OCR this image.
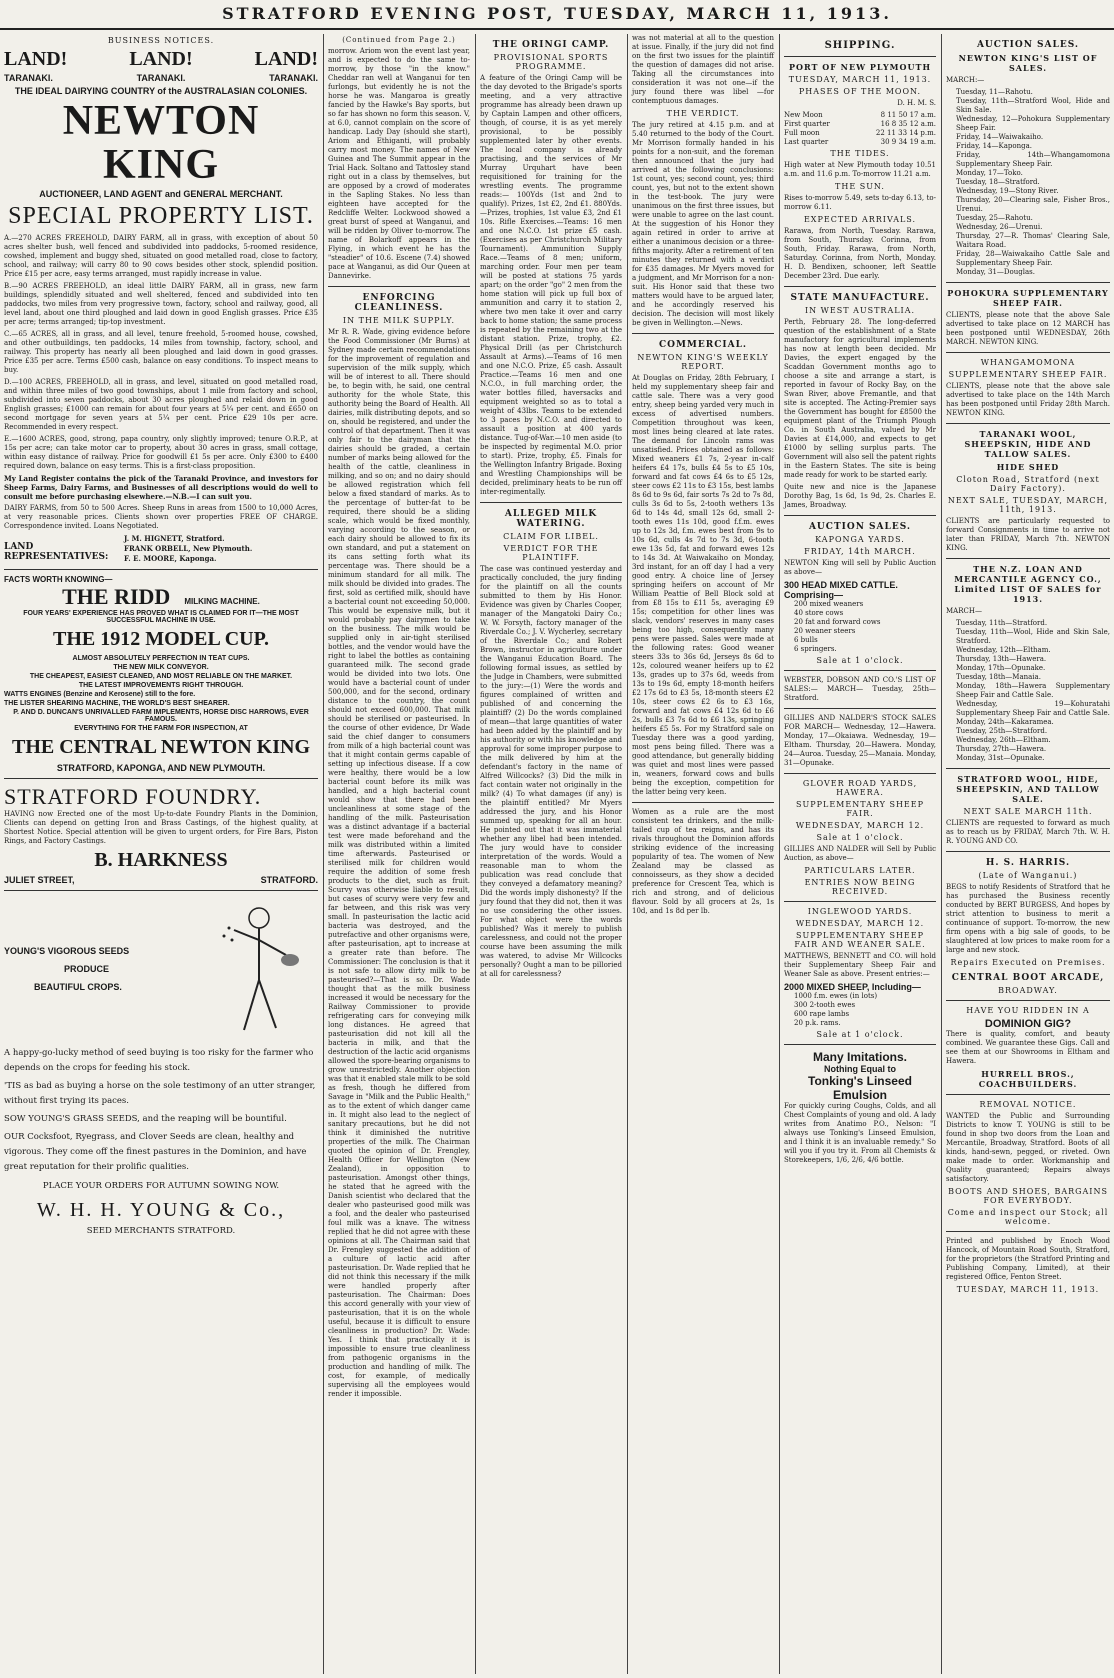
STRATFORD EVENING POST, TUESDAY, MARCH 11, 1913.
BUSINESS NOTICES.
LAND!	LAND!	LAND!
TARANAKI.	TARANAKI.	TARANAKI.
THE IDEAL DAIRYING COUNTRY of the AUSTRALASIAN COLONIES.
NEWTON KING
AUCTIONEER, LAND AGENT and GENERAL MERCHANT.
SPECIAL PROPERTY LIST.

A.—270 ACRES FREEHOLD, DAIRY FARM, all in grass, with exception of about 50 acres shelter bush, well fenced and subdivided into paddocks, 5-roomed residence, cowshed, implement and buggy shed, situated on good metalled road, close to factory, school, and railway; will carry 80 to 90 cows besides other stock, splendid position. Price £15 per acre, easy terms arranged, must rapidly increase in value.

B.—90 ACRES FREEHOLD, an ideal little DAIRY FARM, all in grass, new farm buildings, splendidly situated and well sheltered, fenced and subdivided into ten paddocks, two miles from very progressive town, factory, school and railway, good, all level land, about one third ploughed and laid down in good English grasses. Price £35 per acre; terms arranged; tip-top investment.

C.—65 ACRES, all in grass, and all level, tenure freehold, 5-roomed house, cowshed, and other outbuildings, ten paddocks, 14 miles from township, factory, school, and railway. This property has nearly all been ploughed and laid down in good grasses. Price £35 per acre. Terms £500 cash, balance on easy conditions. To inspect means to buy.

D.—100 ACRES, FREEHOLD, all in grass, and level, situated on good metalled road, and within three miles of two good townships, about 1 mile from factory and school, subdivided into seven paddocks, about 30 acres ploughed and relaid down in good English grasses; £1000 can remain for about four years at 5¼ per cent. and £650 on second mortgage for seven years at 5¼ per cent. Price £29 10s per acre. Recommended in every respect.

E.—1600 ACRES, good, strong, papa country, only slightly improved; tenure O.R.P., at 15s per acre; can take motor car to property, about 30 acres in grass, small cottage, within easy distance of railway. Price for goodwill £1 5s per acre. Only £300 to £400 required down, balance on easy terms. This is a first-class proposition.

My Land Register contains the pick of the Taranaki Province, and investors for Sheep Farms, Dairy Farms, and Businesses of all descriptions would do well to consult me before purchasing elsewhere.—N.B.—I can suit you.

DAIRY FARMS, from 50 to 500 Acres. Sheep Runs in areas from 1500 to 10,000 Acres, at very reasonable prices. Clients shown over properties FREE OF CHARGE. Correspondence invited. Loans Negotiated.

LAND REPRESENTATIVES:
J. M. HIGNETT, Stratford.
FRANK ORBELL, New Plymouth.
F. E. MOORE, Kaponga.
FACTS WORTH KNOWING—
THE RIDD MILKING MACHINE.
FOUR YEARS' EXPERIENCE HAS PROVED WHAT IS CLAIMED FOR IT—THE MOST SUCCESSFUL MACHINE IN USE.
THE 1912 MODEL CUP.
ALMOST ABSOLUTELY PERFECTION IN TEAT CUPS.
THE NEW MILK CONVEYOR.
THE CHEAPEST, EASIEST CLEANED, AND MOST RELIABLE ON THE MARKET.
THE LATEST IMPROVEMENTS RIGHT THROUGH.
WATTS ENGINES (Benzine and Kerosene) still to the fore.
THE LISTER SHEARING MACHINE, THE WORLD'S BEST SHEARER.
P. AND D. DUNCAN'S UNRIVALLED FARM IMPLEMENTS, HORSE DISC HARROWS, EVER FAMOUS.
EVERYTHING FOR THE FARM FOR INSPECTION, AT
THE CENTRAL NEWTON KING
STRATFORD, KAPONGA, AND NEW PLYMOUTH.
STRATFORD FOUNDRY.

HAVING now Erected one of the most Up-to-date Foundry Plants in the Dominion, Clients can depend on getting Iron and Brass Castings, of the highest quality, at Shortest Notice. Special attention will be given to urgent orders, for Fire Bars, Piston Rings, and Factory Castings.

B. HARKNESS
JULIET STREET,	STRATFORD.
YOUNG'S VIGOROUS SEEDS
PRODUCE
BEAUTIFUL CROPS.

A happy-go-lucky method of seed buying is too risky for the farmer who depends on the crops for feeding his stock.

'TIS as bad as buying a horse on the sole testimony of an utter stranger, without first trying its paces.

SOW YOUNG'S GRASS SEEDS, and the reaping will be bountiful.

OUR Cocksfoot, Ryegrass, and Clover Seeds are clean, healthy and vigorous. They come off the finest pastures in the Dominion, and have great reputation for their prolific qualities.

PLACE YOUR ORDERS FOR AUTUMN SOWING NOW.
W. H. H. YOUNG & Co.,
SEED MERCHANTS STRATFORD.
(Continued from Page 2.)

morrow. Ariom won the event last year, and is expected to do the same to-morrow, by those "in the know." Cheddar ran well at Wanganui for ten furlongs, but evidently he is not the horse he was. Mangaroa is greatly fancied by the Hawke's Bay sports, but so far has shown no form this season. V, at 6.0, cannot complain on the score of handicap. Lady Day (should she start), Ariom and Ethiganti, will probably carry most money. The names of New Guinea and The Summit appear in the Trial Hack. Soltano and Tattosley stand right out in a class by themselves, but are opposed by a crowd of moderates in the Sapling Stakes. No less than eighteen have accepted for the Redcliffe Welter. Lockwood showed a great burst of speed at Wanganui, and will be ridden by Oliver to-morrow. The name of Bolarkoff appears in the Flying, in which event he has the "steadier" of 10.6. Escene (7.4) showed pace at Wanganui, as did Our Queen at Dannevirke.

ENFORCING CLEANLINESS.
IN THE MILK SUPPLY.

Mr R. R. Wade, giving evidence before the Food Commissioner (Mr Burns) at Sydney made certain recommendations for the improvement of regulation and supervision of the milk supply, which will be of interest to all. There should be, to begin with, he said, one central authority for the whole State, this authority being the Board of Health. All dairies, milk distributing depots, and so on, should be registered, and under the control of that department. Then it was only fair to the dairyman that the dairies should be graded, a certain number of marks being allowed for the health of the cattle, cleanliness in milking, and so on; and no dairy should be allowed registration which fell below a fixed standard of marks. As to the percentage of butter-fat to be required, there should be a sliding scale, which would be fixed monthly, varying according to the season, or each dairy should be allowed to fix its own standard, and put a statement on its cans setting forth what its percentage was. There should be a minimum standard for all milk. The milk should be divided into grades. The first, sold as certified milk, should have a bacterial count not exceeding 50,000. This would be expensive milk, but it would probably pay dairymen to take on the business. The milk would be supplied only in air-tight sterilised bottles, and the vendor would have the right to label the bottles as containing guaranteed milk. The second grade would be divided into two lots. One would have a bacterial count of under 500,000, and for the second, ordinary distance to the country, the count should not exceed 600,000. That milk should be sterilised or pasteurised. In the course of other evidence, Dr Wade said the chief danger to consumers from milk of a high bacterial count was that it might contain germs capable of setting up infectious disease. If a cow were healthy, there would be a low bacterial count before its milk was handled, and a high bacterial count would show that there had been uncleanliness at some stage of the handling of the milk. Pasteurisation was a distinct advantage if a bacterial test were made beforehand and the milk was distributed within a limited time afterwards. Pasteurised or sterilised milk for children would require the addition of some fresh products to the diet, such as fruit. Scurvy was otherwise liable to result, but cases of scurvy were very few and far between, and this risk was very small. In pasteurisation the lactic acid bacteria was destroyed, and the putrefactive and other organisms were, after pasteurisation, apt to increase at a greater rate than before. The Commissioner: The conclusion is that it is not safe to allow dirty milk to be pasteurised?—That is so. Dr. Wade thought that as the milk business increased it would be necessary for the Railway Commissioner to provide refrigerating cars for conveying milk long distances. He agreed that pasteurisation did not kill all the bacteria in milk, and that the destruction of the lactic acid organisms allowed the spore-bearing organisms to grow unrestrictedly. Another objection was that it enabled stale milk to be sold as fresh, though he differed from Savage in "Milk and the Public Health," as to the extent of which danger came in. It might also lead to the neglect of sanitary precautions, but he did not think it diminished the nutritive properties of the milk. The Chairman quoted the opinion of Dr. Frengley, Health Officer for Wellington (New Zealand), in opposition to pasteurisation. Amongst other things, he stated that he agreed with the Danish scientist who declared that the dealer who pasteurised good milk was a fool, and the dealer who pasteurised foul milk was a knave. The witness replied that he did not agree with these opinions at all. The Chairman said that Dr. Frengley suggested the addition of a culture of lactic acid after pasteurisation. Dr. Wade replied that he did not think this necessary if the milk were handled properly after pasteurisation. The Chairman: Does this accord generally with your view of pasteurisation, that it is on the whole useful, because it is difficult to ensure cleanliness in production? Dr. Wade: Yes. I think that practically it is impossible to ensure true cleanliness from pathogenic organisms in the production and handling of milk. The cost, for example, of medically supervising all the employees would render it impossible.

THE ORINGI CAMP.
PROVISIONAL SPORTS PROGRAMME.

A feature of the Oringi Camp will be the day devoted to the Brigade's sports meeting, and a very attractive programme has already been drawn up by Captain Lampen and other officers, though, of course, it is as yet merely provisional, to be possibly supplemented later by other events. The local company is already practising, and the services of Mr Murray Urquhart have been requisitioned for training for the wrestling events. The programme reads:— 100Yds (1st and 2nd to qualify). Prizes, 1st £2, 2nd £1. 880Yds.—Prizes, trophies, 1st value £3, 2nd £1 10s. Rifle Exercises.—Teams: 16 men and one N.C.O. 1st prize £5 cash. (Exercises as per Christchurch Military Tournament). Ammunition Supply Race.—Teams of 8 men; uniform, marching order. Four men per team will be posted at stations 75 yards apart; on the order "go" 2 men from the home station will pick up full box of ammunition and carry it to station 2, where two men take it over and carry back to home station; the same process is repeated by the remaining two at the distant station. Prize, trophy, £2. Physical Drill (as per Christchurch Assault at Arms).—Teams of 16 men and one N.C.O. Prize, £5 cash. Assault Practice.—Teams 16 men and one N.C.O., in full marching order, the water bottles filled, haversacks and equipment weighted so as to total a weight of 43lbs. Teams to be extended to 3 paces by N.C.O. and directed to assault a position at 400 yards distance. Tug-of-War.—10 men aside (to be inspected by regimental M.O. prior to start). Prize, trophy, £5. Finals for the Wellington Infantry Brigade. Boxing and Wrestling Championships will be decided, preliminary heats to be run off inter-regimentally.

ALLEGED MILK WATERING.
CLAIM FOR LIBEL.
VERDICT FOR THE PLAINTIFF.

The case was continued yesterday and practically concluded, the jury finding for the plaintiff on all the counts submitted to them by His Honor. Evidence was given by Charles Cooper, manager of the Mangatoki Dairy Co.; W. W. Forsyth, factory manager of the Riverdale Co.; J. V. Wycherley, secretary of the Riverdale Co.; and Robert Brown, instructor in agriculture under the Wanganui Education Board. The following formal issues, as settled by the Judge in Chambers, were submitted to the jury:—(1) Were the words and figures complained of written and published of and concerning the plaintiff? (2) Do the words complained of mean—that large quantities of water had been added by the plaintiff and by his authority or with his knowledge and approval for some improper purpose to the milk delivered by him at the defendant's factory in the name of Alfred Willcocks? (3) Did the milk in fact contain water not originally in the milk? (4) To what damages (if any) is the plaintiff entitled? Mr Myers addressed the jury, and his Honor summed up, speaking for all an hour. He pointed out that it was immaterial whether any libel had been intended. The jury would have to consider interpretation of the words. Would a reasonable man to whom the publication was read conclude that they conveyed a defamatory meaning? Did the words imply dishonesty? If the jury found that they did not, then it was no use considering the other issues. For what object were the words published? Was it merely to publish carelessness, and could not the proper course have been assuming the milk was watered, to advise Mr Willcocks personally? Ought a man to be pilloried at all for carelessness?

was not material at all to the question at issue. Finally, if the jury did not find on the first two issues for the plaintiff the question of damages did not arise. Taking all the circumstances into consideration it was not one—if the jury found there was libel —for contemptuous damages.

THE VERDICT.

The jury retired at 4.15 p.m. and at 5.40 returned to the body of the Court. Mr Morrison formally handed in his points for a non-suit, and the foreman then announced that the jury had arrived at the following conclusions: 1st count, yes; second count, yes; third count, yes, but not to the extent shown in the test-book. The jury were unanimous on the first three issues, but were unable to agree on the last count. At the suggestion of his Honor they again retired in order to arrive at either a unanimous decision or a three-fifths majority. After a retirement of ten minutes they returned with a verdict for £35 damages. Mr Myers moved for a judgment, and Mr Morrison for a non-suit. His Honor said that these two matters would have to be argued later, and he accordingly reserved his decision. The decision will most likely be given in Wellington.—News.

COMMERCIAL.
NEWTON KING'S WEEKLY REPORT.

At Douglas on Friday, 28th February, I held my supplementary sheep fair and cattle sale. There was a very good entry, sheep being yarded very much in excess of advertised numbers. Competition throughout was keen, most lines being cleared at late rates. The demand for Lincoln rams was unsatisfied. Prices obtained as follows: Mixed weaners £1 7s, 2-year in-calf heifers £4 17s, bulls £4 5s to £5 10s, forward and fat cows £4 6s to £5 12s, steer cows £2 11s to £3 15s, best lambs 8s 6d to 9s 6d, fair sorts 7s 2d to 7s 8d, culls 3s 6d to 5s, 2-tooth wethers 13s 6d to 14s 4d, small 12s 6d, small 2-tooth ewes 11s 10d, good f.f.m. ewes up to 12s 3d, f.m. ewes best from 9s to 10s 6d, culls 4s 7d to 7s 3d, 6-tooth ewe 13s 5d, fat and forward ewes 12s to 14s 3d. At Waiwakaiho on Monday, 3rd instant, for an off day I had a very good entry. A choice line of Jersey springing heifers on account of Mr William Peattie of Bell Block sold at from £8 15s to £11 5s, averaging £9 15s; competition for other lines was slack, vendors' reserves in many cases being too high, consequently many pens were passed. Sales were made at the following rates: Good weaner steers 33s to 36s 6d, Jerseys 8s 6d to 12s, coloured weaner heifers up to £2 13s, grades up to 37s 6d, weeds from 13s to 19s 6d, empty 18-month heifers £2 17s 6d to £3 5s, 18-month steers £2 10s, steer cows £2 6s to £3 16s, forward and fat cows £4 12s 6d to £6 2s, bulls £3 7s 6d to £6 13s, springing heifers £5 5s. For my Stratford sale on Tuesday there was a good yarding, most pens being filled. There was a good attendance, but generally bidding was quiet and most lines were passed in, weaners, forward cows and bulls being the exception, competition for the latter being very keen.

Women as a rule are the most consistent tea drinkers, and the milk-tailed cup of tea reigns, and has its rivals throughout the Dominion affords striking evidence of the increasing popularity of tea. The women of New Zealand may be classed as connoisseurs, as they show a decided preference for Crescent Tea, which is rich and strong, and of delicious flavour. Sold by all grocers at 2s, 1s 10d, and 1s 8d per lb.

SHIPPING.
PORT OF NEW PLYMOUTH
TUESDAY, MARCH 11, 1913.
PHASES OF THE MOON.
D. H. M. S.
New Moon	8 11 50 17 a.m.
First quarter	16 8 35 12 a.m.
Full moon	22 11 33 14 p.m.
Last quarter	30 9 34 19 a.m.
THE TIDES.

High water at New Plymouth today 10.51 a.m. and 11.6 p.m. To-morrow 11.21 a.m.

THE SUN.

Rises to-morrow 5.49, sets to-day 6.13, to-morrow 6.11.

EXPECTED ARRIVALS.

Rarawa, from North, Tuesday. Rarawa, from South, Thursday. Corinna, from South, Friday. Rarawa, from North, Saturday. Corinna, from North, Monday. H. D. Bendixen, schooner, left Seattle December 23rd. Due early.

STATE MANUFACTURE.
IN WEST AUSTRALIA.

Perth, February 28. The long-deferred question of the establishment of a State manufactory for agricultural implements has now at length been decided. Mr Davies, the expert engaged by the Scaddan Government months ago to choose a site and arrange a start, is reported in favour of Rocky Bay, on the Swan River, above Fremantle, and that site is accepted. The Acting-Premier says the Government has bought for £8500 the equipment plant of the Triumph Plough Co. in South Australia, valued by Mr Davies at £14,000, and expects to get £1000 by selling surplus parts. The Government will also sell the patent rights in the Eastern States. The site is being made ready for work to be started early.

Quite new and nice is the Japanese Dorothy Bag, 1s 6d, 1s 9d, 2s. Charles E. James, Broadway.

AUCTION SALES.
KAPONGA YARDS.
FRIDAY, 14th MARCH.

NEWTON King will sell by Public Auction as above—

300 HEAD MIXED CATTLE. Comprising—
200 mixed weaners
40 store cows
20 fat and forward cows
20 weaner steers
6 bulls
6 springers.
Sale at 1 o'clock.

WEBSTER, DOBSON AND CO.'S LIST OF SALES:— MARCH— Tuesday, 25th—Stratford.

GILLIES AND NALDER'S STOCK SALES FOR MARCH— Wednesday, 12—Hawera. Monday, 17—Okaiawa. Wednesday, 19—Eltham. Thursday, 20—Hawera. Monday, 24—Auroa. Tuesday, 25—Manaia. Monday, 31—Opunake.

GLOVER ROAD YARDS, HAWERA.
SUPPLEMENTARY SHEEP FAIR.
WEDNESDAY, MARCH 12.
Sale at 1 o'clock.

GILLIES AND NALDER will Sell by Public Auction, as above—

PARTICULARS LATER.
ENTRIES NOW BEING RECEIVED.
INGLEWOOD YARDS.
WEDNESDAY, MARCH 12.
SUPPLEMENTARY SHEEP FAIR AND WEANER SALE.

MATTHEWS, BENNETT and CO. will hold their Supplementary Sheep Fair and Weaner Sale as above. Present entries:—

2000 MIXED SHEEP, Including—
1000 f.m. ewes (in lots)
300 2-tooth ewes
600 rape lambs
20 p.k. rams.
Sale at 1 o'clock.
Many Imitations.
Nothing Equal to
Tonking's Linseed Emulsion

For quickly curing Coughs, Colds, and all Chest Complaints of young and old. A lady writes from Anatimo P.O., Nelson: "I always use Tonking's Linseed Emulsion, and I think it is an invaluable remedy." So will you if you try it. From all Chemists & Storekeepers, 1/6, 2/6, 4/6 bottle.

AUCTION SALES.
NEWTON KING'S LIST OF SALES.
MARCH:—
Tuesday, 11—Rahotu.
Tuesday, 11th—Stratford Wool, Hide and Skin Sale.
Wednesday, 12—Pohokura Supplementary Sheep Fair.
Friday, 14—Waiwakaiho.
Friday, 14—Kaponga.
Friday, 14th—Whangamomona Supplementary Sheep Fair.
Monday, 17—Toko.
Tuesday, 18—Stratford.
Wednesday, 19—Stony River.
Thursday, 20—Clearing sale, Fisher Bros., Urenui.
Tuesday, 25—Rahotu.
Wednesday, 26—Urenui.
Thursday, 27—R. Thomas' Clearing Sale, Waitara Road.
Friday, 28—Waiwakaiho Cattle Sale and Supplementary Sheep Fair.
Monday, 31—Douglas.
POHOKURA SUPPLEMENTARY SHEEP FAIR.

CLIENTS, please note that the above Sale advertised to take place on 12 MARCH has been postponed until WEDNESDAY, 26th MARCH. NEWTON KING.

WHANGAMOMONA
SUPPLEMENTARY SHEEP FAIR.

CLIENTS, please note that the above sale advertised to take place on the 14th March has been postponed until Friday 28th March. NEWTON KING.

TARANAKI WOOL, SHEEPSKIN, HIDE AND TALLOW SALES.
HIDE SHED
Cloton Road, Stratford (next Dairy Factory).
NEXT SALE, TUESDAY, MARCH, 11th, 1913.

CLIENTS are particularly requested to forward Consignments in time to arrive not later than FRIDAY, March 7th. NEWTON KING.

THE N.Z. LOAN AND MERCANTILE AGENCY CO., Limited LIST OF SALES for 1913.
MARCH—
Tuesday, 11th—Stratford.
Tuesday, 11th—Wool, Hide and Skin Sale, Stratford.
Wednesday, 12th—Eltham.
Thursday, 13th—Hawera.
Monday, 17th—Opunake.
Tuesday, 18th—Manaia.
Monday, 18th—Hawera Supplementary Sheep Fair and Cattle Sale.
Wednesday, 19—Kohuratahi Supplementary Sheep Fair and Cattle Sale.
Monday, 24th—Kakaramea.
Tuesday, 25th—Stratford.
Wednesday, 26th—Eltham.
Thursday, 27th—Hawera.
Monday, 31st—Opunake.
STRATFORD WOOL, HIDE, SHEEPSKIN, AND TALLOW SALE.
NEXT SALE MARCH 11th.

CLIENTS are requested to forward as much as to reach us by FRIDAY, March 7th. W. H. R. YOUNG AND CO.

H. S. HARRIS.
(Late of Wanganui.)

BEGS to notify Residents of Stratford that he has purchased the Business recently conducted by BERT BURGESS, And hopes by strict attention to business to merit a continuance of support. To-morrow, the new firm opens with a big sale of goods, to be slaughtered at low prices to make room for a large and new stock.

Repairs Executed on Premises.
CENTRAL BOOT ARCADE,
BROADWAY.
HAVE YOU RIDDEN IN A
DOMINION GIG?

There is quality, comfort, and beauty combined. We guarantee these Gigs. Call and see them at our Showrooms in Eltham and Hawera.

HURRELL BROS., COACHBUILDERS.
REMOVAL NOTICE.

WANTED the Public and Surrounding Districts to know T. YOUNG is still to be found in shop two doors from the Loan and Mercantile, Broadway, Stratford. Boots of all kinds, hand-sewn, pegged, or riveted. Own make made to order. Workmanship and Quality guaranteed; Repairs always satisfactory.

BOOTS AND SHOES, BARGAINS FOR EVERYBODY.
Come and inspect our Stock; all welcome.

Printed and published by Enoch Wood Hancock, of Mountain Road South, Stratford, for the proprietors (the Stratford Printing and Publishing Company, Limited), at their registered Office, Fenton Street.

TUESDAY, MARCH 11, 1913.
